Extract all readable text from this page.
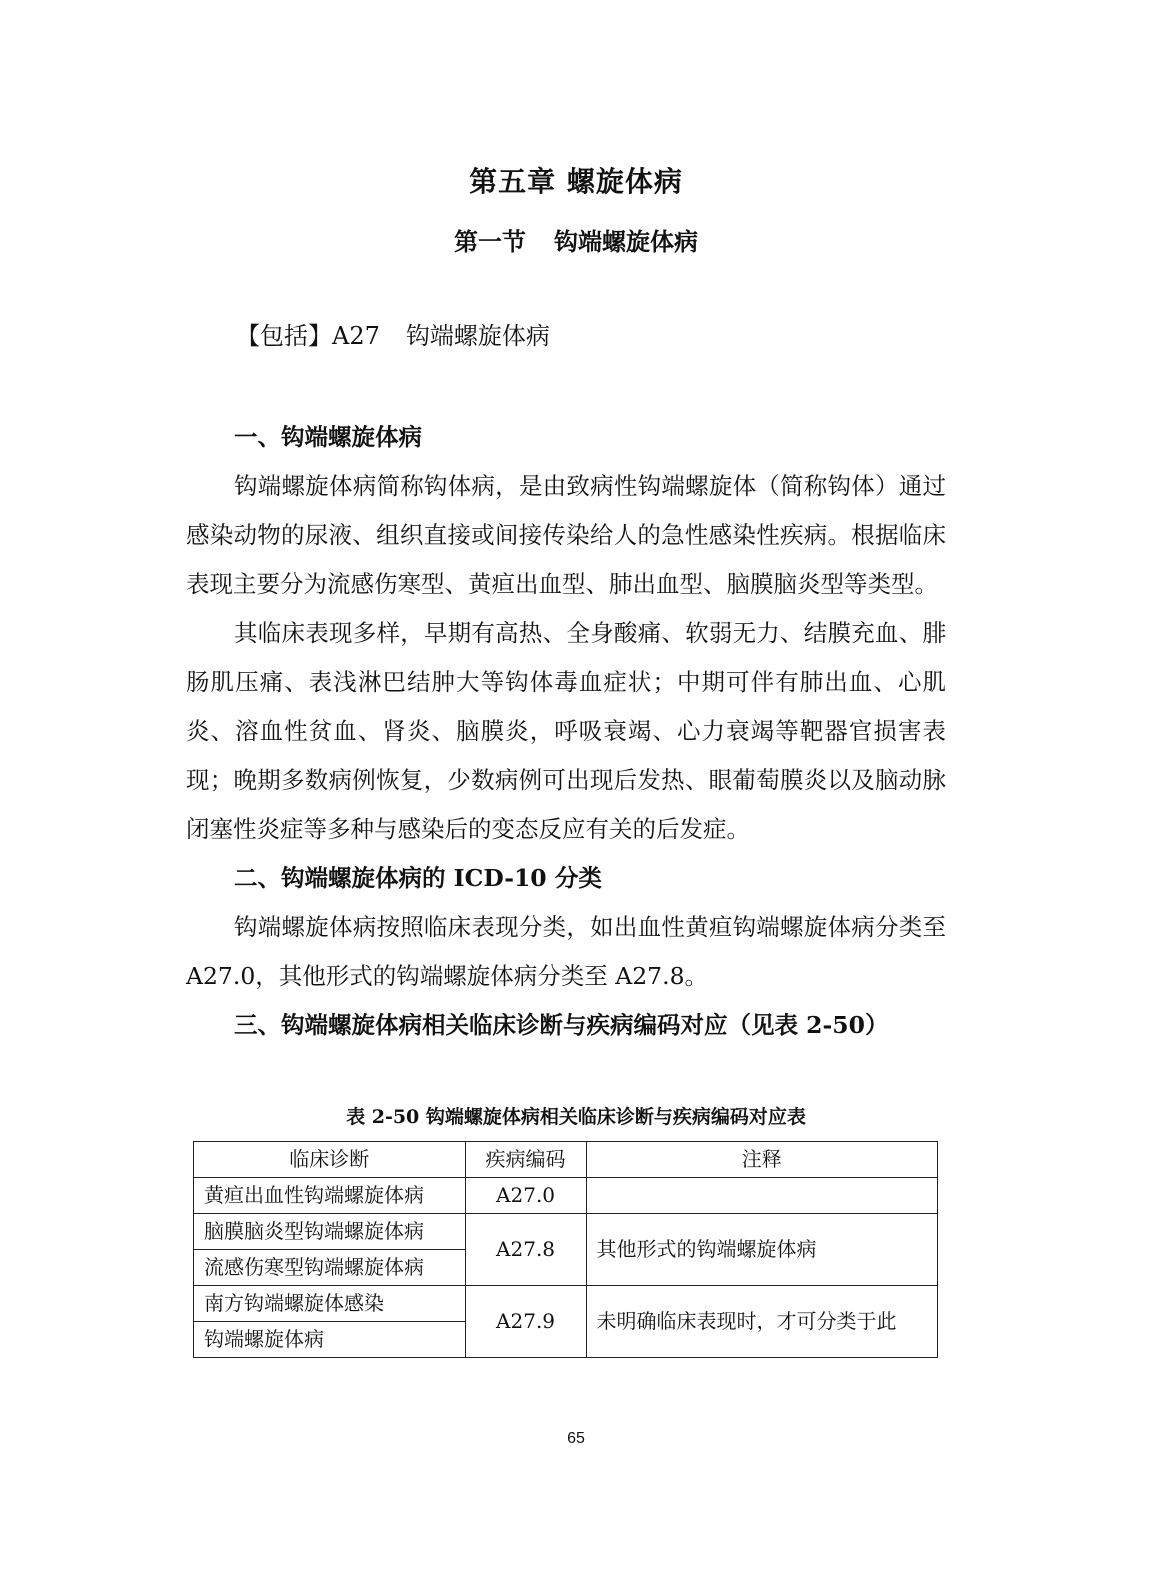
第五章 螺旋体病
第一节 钩端螺旋体病
【包括】A27 钩端螺旋体病
一、钩端螺旋体病

钩端螺旋体病简称钩体病，是由致病性钩端螺旋体（简称钩体）通过感染动物的尿液、组织直接或间接传染给人的急性感染性疾病。根据临床表现主要分为流感伤寒型、黄疸出血型、肺出血型、脑膜脑炎型等类型。

其临床表现多样，早期有高热、全身酸痛、软弱无力、结膜充血、腓肠肌压痛、表浅淋巴结肿大等钩体毒血症状；中期可伴有肺出血、心肌炎、溶血性贫血、肾炎、脑膜炎，呼吸衰竭、心力衰竭等靶器官损害表现；晚期多数病例恢复，少数病例可出现后发热、眼葡萄膜炎以及脑动脉闭塞性炎症等多种与感染后的变态反应有关的后发症。

二、钩端螺旋体病的 ICD-10 分类

钩端螺旋体病按照临床表现分类，如出血性黄疸钩端螺旋体病分类至 A27.0，其他形式的钩端螺旋体病分类至 A27.8。

三、钩端螺旋体病相关临床诊断与疾病编码对应（见表 2-50）
表 2-50 钩端螺旋体病相关临床诊断与疾病编码对应表
临床诊断	疾病编码	注释
黄疸出血性钩端螺旋体病	A27.0	
脑膜脑炎型钩端螺旋体病	A27.8	其他形式的钩端螺旋体病
流感伤寒型钩端螺旋体病		
南方钩端螺旋体感染	A27.9	未明确临床表现时，才可分类于此
钩端螺旋体病		
65
